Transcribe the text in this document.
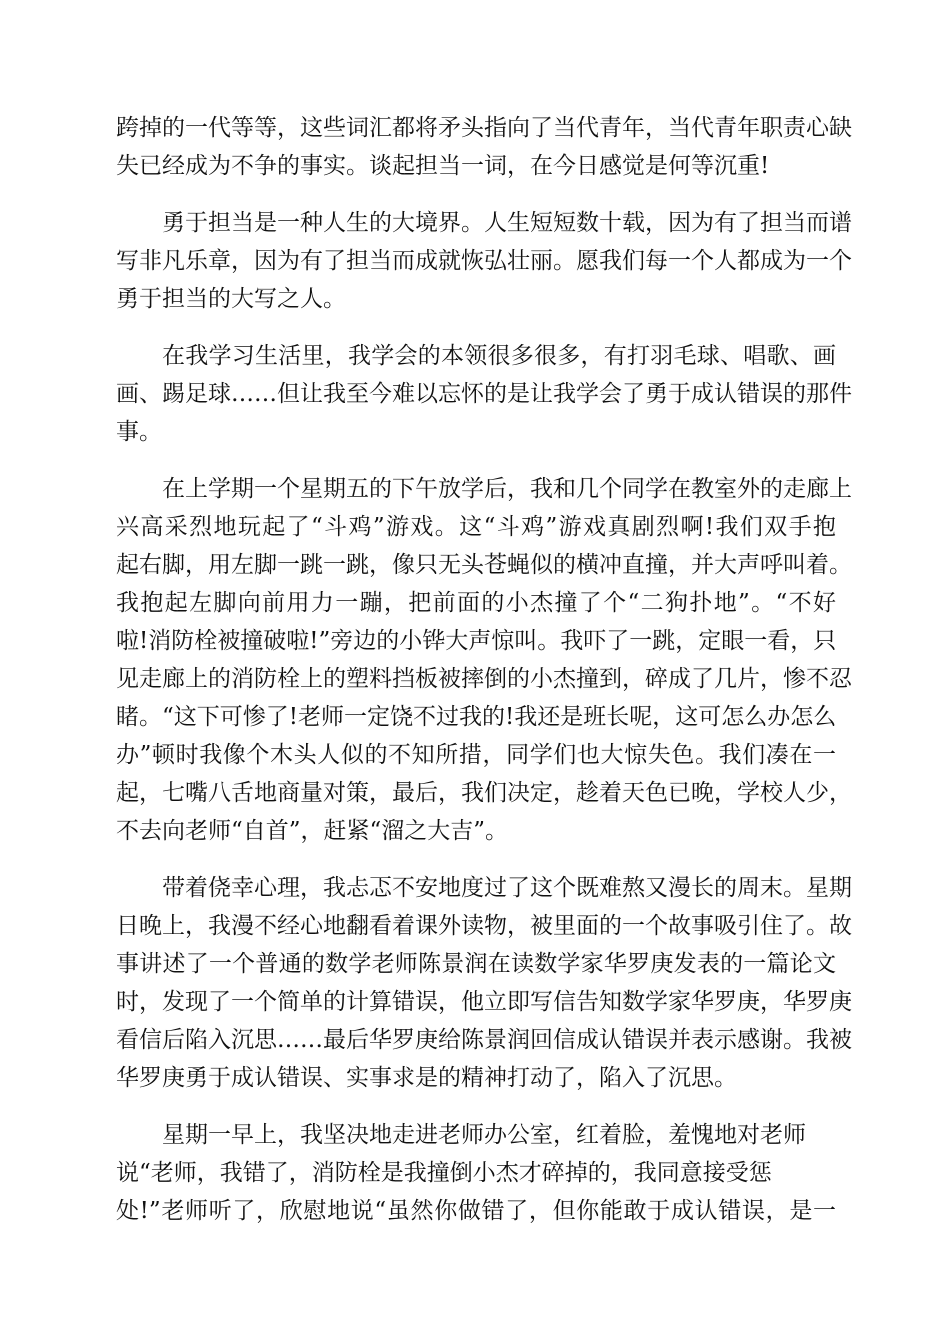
跨掉的一代等等，这些词汇都将矛头指向了当代青年，当代青年职责心缺
失已经成为不争的事实。谈起担当一词，在今日感觉是何等沉重!

勇于担当是一种人生的大境界。人生短短数十载，因为有了担当而谱
写非凡乐章，因为有了担当而成就恢弘壮丽。愿我们每一个人都成为一个
勇于担当的大写之人。

在我学习生活里，我学会的本领很多很多，有打羽毛球、唱歌、画
画、踢足球……但让我至今难以忘怀的是让我学会了勇于成认错误的那件
事。

在上学期一个星期五的下午放学后，我和几个同学在教室外的走廊上
兴高采烈地玩起了“斗鸡”游戏。这“斗鸡”游戏真剧烈啊!我们双手抱
起右脚，用左脚一跳一跳，像只无头苍蝇似的横冲直撞，并大声呼叫着。
我抱起左脚向前用力一蹦，把前面的小杰撞了个“二狗扑地”。“不好
啦!消防栓被撞破啦!”旁边的小铧大声惊叫。我吓了一跳，定眼一看，只
见走廊上的消防栓上的塑料挡板被摔倒的小杰撞到，碎成了几片，惨不忍
睹。“这下可惨了!老师一定饶不过我的!我还是班长呢，这可怎么办怎么
办”顿时我像个木头人似的不知所措，同学们也大惊失色。我们凑在一
起，七嘴八舌地商量对策，最后，我们决定，趁着天色已晚，学校人少，
不去向老师“自首”，赶紧“溜之大吉”。

带着侥幸心理，我忐忑不安地度过了这个既难熬又漫长的周末。星期
日晚上，我漫不经心地翻看着课外读物，被里面的一个故事吸引住了。故
事讲述了一个普通的数学老师陈景润在读数学家华罗庚发表的一篇论文
时，发现了一个简单的计算错误，他立即写信告知数学家华罗庚，华罗庚
看信后陷入沉思……最后华罗庚给陈景润回信成认错误并表示感谢。我被
华罗庚勇于成认错误、实事求是的精神打动了，陷入了沉思。

星期一早上，我坚决地走进老师办公室，红着脸，羞愧地对老师
说“老师，我错了，消防栓是我撞倒小杰才碎掉的，我同意接受惩
处!”老师听了，欣慰地说“虽然你做错了，但你能敢于成认错误，是一
